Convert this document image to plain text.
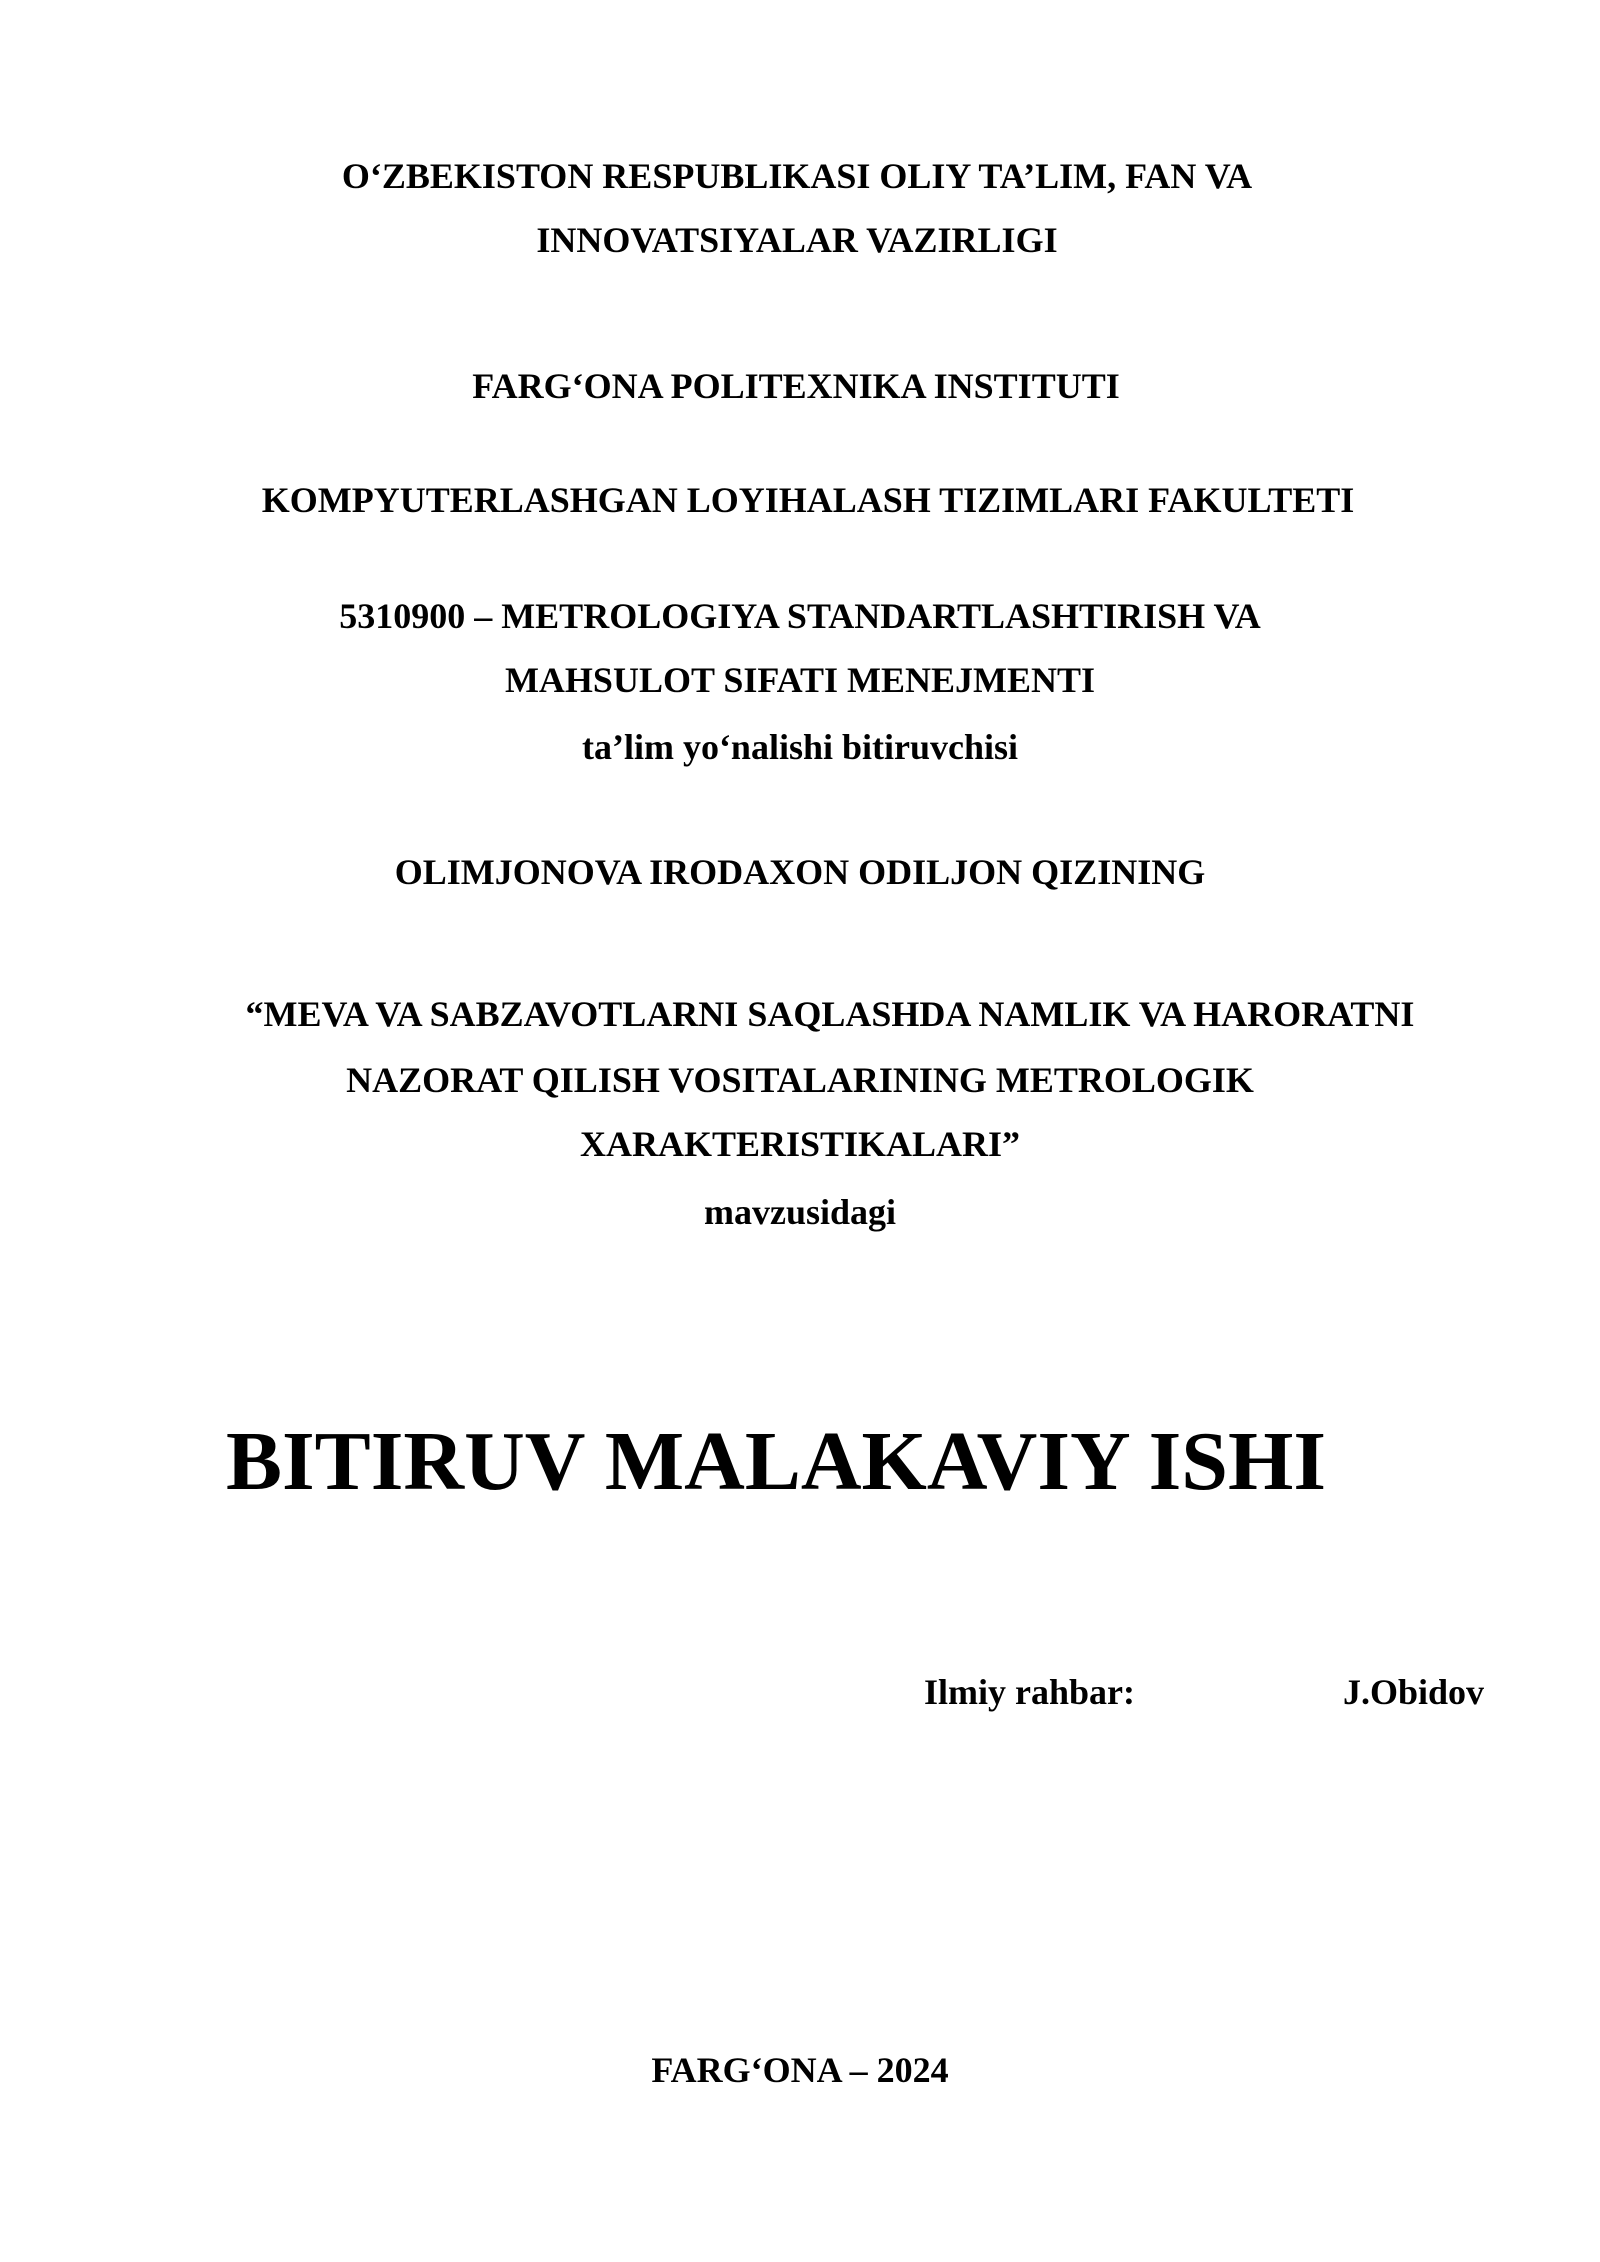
O‘ZBEKISTON RESPUBLIKASI OLIY TA’LIM, FAN VA
INNOVATSIYALAR VAZIRLIGI
FARG‘ONA POLITEXNIKA INSTITUTI
KOMPYUTERLASHGAN LOYIHALASH TIZIMLARI FAKULTETI
5310900 – METROLOGIYA STANDARTLASHTIRISH VA
MAHSULOT SIFATI MENEJMENTI
ta’lim yo‘nalishi bitiruvchisi
OLIMJONOVA IRODAXON ODILJON QIZINING
“MEVA VA SABZAVOTLARNI SAQLASHDA NAMLIK VA HARORATNI
NAZORAT QILISH VOSITALARINING METROLOGIK
XARAKTERISTIKALARI”
mavzusidagi
BITIRUV MALAKAVIY ISHI
Ilmiy rahbar:	J.Obidov
FARG‘ONA – 2024
